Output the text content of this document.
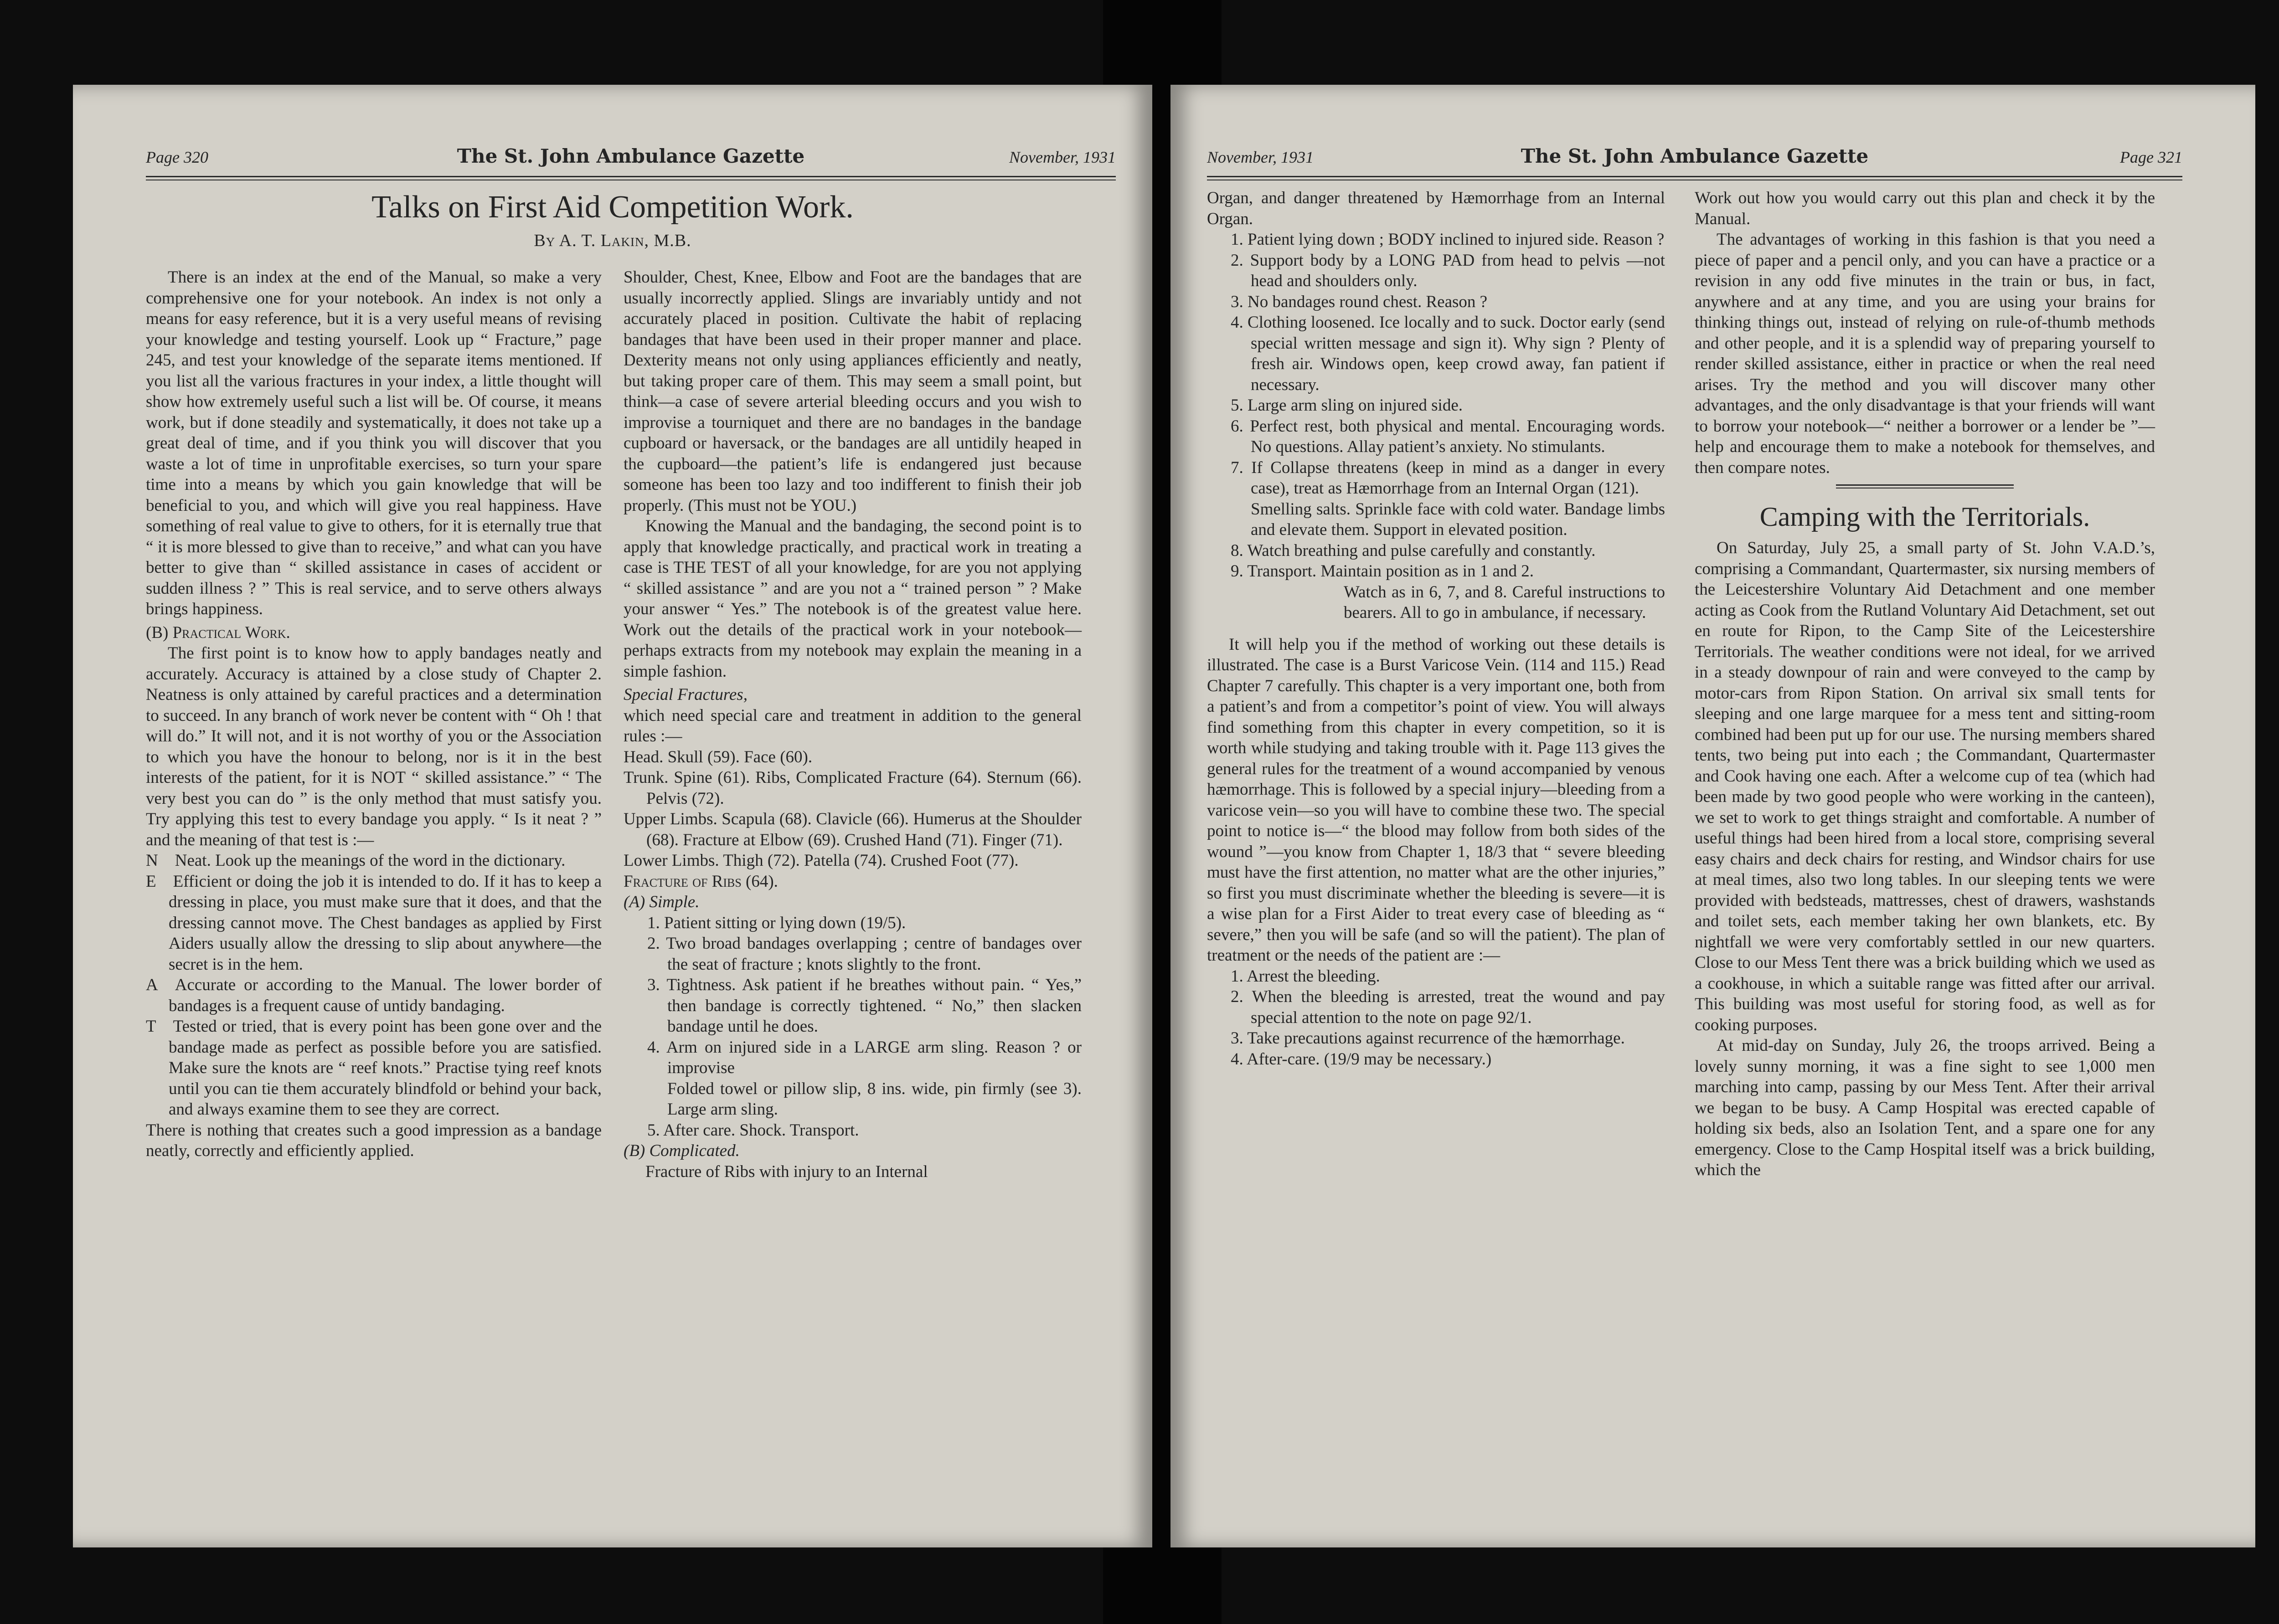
Page 320	The St. John Ambulance Gazette	November, 1931
Talks on First Aid Competition Work.
By A. T. Lakin, M.B.

There is an index at the end of the Manual, so make a very comprehensive one for your notebook. An index is not only a means for easy reference, but it is a very useful means of revising your knowledge and testing yourself. Look up “ Fracture,” page 245, and test your knowledge of the separate items mentioned. If you list all the various fractures in your index, a little thought will show how extremely useful such a list will be. Of course, it means work, but if done steadily and systematically, it does not take up a great deal of time, and if you think you will discover that you waste a lot of time in unprofitable exercises, so turn your spare time into a means by which you gain knowledge that will be beneficial to you, and which will give you real happiness. Have something of real value to give to others, for it is eternally true that “ it is more blessed to give than to receive,” and what can you have better to give than “ skilled assistance in cases of accident or sudden illness ? ” This is real service, and to serve others always brings happiness.

(B) Practical Work.

The first point is to know how to apply bandages neatly and accurately. Accuracy is attained by a close study of Chapter 2. Neatness is only attained by careful practices and a determination to succeed. In any branch of work never be content with “ Oh ! that will do.” It will not, and it is not worthy of you or the Association to which you have the honour to belong, nor is it in the best interests of the patient, for it is NOT “ skilled assistance.” “ The very best you can do ” is the only method that must satisfy you. Try applying this test to every bandage you apply. “ Is it neat ? ” and the meaning of that test is :—

N Neat. Look up the meanings of the word in the dictionary.

E Efficient or doing the job it is intended to do. If it has to keep a dressing in place, you must make sure that it does, and that the dressing cannot move. The Chest bandages as applied by First Aiders usually allow the dressing to slip about anywhere—the secret is in the hem.

A Accurate or according to the Manual. The lower border of bandages is a frequent cause of untidy bandaging.

T Tested or tried, that is every point has been gone over and the bandage made as perfect as possible before you are satisfied. Make sure the knots are “ reef knots.” Practise tying reef knots until you can tie them accurately blindfold or behind your back, and always examine them to see they are correct.

There is nothing that creates such a good impression as a bandage neatly, correctly and efficiently applied.

Shoulder, Chest, Knee, Elbow and Foot are the bandages that are usually incorrectly applied. Slings are invariably untidy and not accurately placed in position. Cultivate the habit of replacing bandages that have been used in their proper manner and place. Dexterity means not only using appliances efficiently and neatly, but taking proper care of them. This may seem a small point, but think—a case of severe arterial bleeding occurs and you wish to improvise a tourniquet and there are no bandages in the bandage cupboard or haversack, or the bandages are all untidily heaped in the cupboard—the patient’s life is endangered just because someone has been too lazy and too indifferent to finish their job properly. (This must not be YOU.)

Knowing the Manual and the bandaging, the second point is to apply that knowledge practically, and practical work in treating a case is THE TEST of all your knowledge, for are you not applying “ skilled assistance ” and are you not a “ trained person ” ? Make your answer “ Yes.” The notebook is of the greatest value here. Work out the details of the practical work in your notebook—perhaps extracts from my notebook may explain the meaning in a simple fashion.

Special Fractures,

which need special care and treatment in addition to the general rules :—

Head. Skull (59). Face (60).

Trunk. Spine (61). Ribs, Complicated Fracture (64). Sternum (66). Pelvis (72).

Upper Limbs. Scapula (68). Clavicle (66). Humerus at the Shoulder (68). Fracture at Elbow (69). Crushed Hand (71). Finger (71).

Lower Limbs. Thigh (72). Patella (74). Crushed Foot (77).

Fracture of Ribs (64).

(A) Simple.

1. Patient sitting or lying down (19/5).

2. Two broad bandages overlapping ; centre of bandages over the seat of fracture ; knots slightly to the front.

3. Tightness. Ask patient if he breathes without pain. “ Yes,” then bandage is correctly tightened. “ No,” then slacken bandage until he does.

4. Arm on injured side in a LARGE arm sling. Reason ? or improvise

Folded towel or pillow slip, 8 ins. wide, pin firmly (see 3). Large arm sling.

5. After care. Shock. Transport.

(B) Complicated.

Fracture of Ribs with injury to an Internal

November, 1931	The St. John Ambulance Gazette	Page 321

Organ, and danger threatened by Hæmorrhage from an Internal Organ.

1. Patient lying down ; BODY inclined to injured side. Reason ?

2. Support body by a LONG PAD from head to pelvis —not head and shoulders only.

3. No bandages round chest. Reason ?

4. Clothing loosened. Ice locally and to suck. Doctor early (send special written message and sign it). Why sign ? Plenty of fresh air. Windows open, keep crowd away, fan patient if necessary.

5. Large arm sling on injured side.

6. Perfect rest, both physical and mental. Encouraging words. No questions. Allay patient’s anxiety. No stimulants.

7. If Collapse threatens (keep in mind as a danger in every case), treat as Hæmorrhage from an Internal Organ (121).

Smelling salts. Sprinkle face with cold water. Bandage limbs and elevate them. Support in elevated position.

8. Watch breathing and pulse carefully and constantly.

9. Transport. Maintain position as in 1 and 2.

Watch as in 6, 7, and 8. Careful instructions to bearers. All to go in ambulance, if necessary.

It will help you if the method of working out these details is illustrated. The case is a Burst Varicose Vein. (114 and 115.) Read Chapter 7 carefully. This chapter is a very important one, both from a patient’s and from a competitor’s point of view. You will always find something from this chapter in every competition, so it is worth while studying and taking trouble with it. Page 113 gives the general rules for the treatment of a wound accompanied by venous hæmorrhage. This is followed by a special injury—bleeding from a varicose vein—so you will have to combine these two. The special point to notice is—“ the blood may follow from both sides of the wound ”—you know from Chapter 1, 18/3 that “ severe bleeding must have the first attention, no matter what are the other injuries,” so first you must discriminate whether the bleeding is severe—it is a wise plan for a First Aider to treat every case of bleeding as “ severe,” then you will be safe (and so will the patient). The plan of treatment or the needs of the patient are :—

1. Arrest the bleeding.

2. When the bleeding is arrested, treat the wound and pay special attention to the note on page 92/1.

3. Take precautions against recurrence of the hæmorrhage.

4. After-care. (19/9 may be necessary.)

Work out how you would carry out this plan and check it by the Manual.

The advantages of working in this fashion is that you need a piece of paper and a pencil only, and you can have a practice or a revision in any odd five minutes in the train or bus, in fact, anywhere and at any time, and you are using your brains for thinking things out, instead of relying on rule-of-thumb methods and other people, and it is a splendid way of preparing yourself to render skilled assistance, either in practice or when the real need arises. Try the method and you will discover many other advantages, and the only disadvantage is that your friends will want to borrow your notebook—“ neither a borrower or a lender be ”—help and encourage them to make a notebook for themselves, and then compare notes.

Camping with the Territorials.

On Saturday, July 25, a small party of St. John V.A.D.’s, comprising a Commandant, Quartermaster, six nursing members of the Leicestershire Voluntary Aid Detachment and one member acting as Cook from the Rutland Voluntary Aid Detachment, set out en route for Ripon, to the Camp Site of the Leicestershire Territorials. The weather conditions were not ideal, for we arrived in a steady downpour of rain and were conveyed to the camp by motor-cars from Ripon Station. On arrival six small tents for sleeping and one large marquee for a mess tent and sitting-room combined had been put up for our use. The nursing members shared tents, two being put into each ; the Commandant, Quartermaster and Cook having one each. After a welcome cup of tea (which had been made by two good people who were working in the canteen), we set to work to get things straight and comfortable. A number of useful things had been hired from a local store, comprising several easy chairs and deck chairs for resting, and Windsor chairs for use at meal times, also two long tables. In our sleeping tents we were provided with bedsteads, mattresses, chest of drawers, washstands and toilet sets, each member taking her own blankets, etc. By nightfall we were very comfortably settled in our new quarters. Close to our Mess Tent there was a brick building which we used as a cookhouse, in which a suitable range was fitted after our arrival. This building was most useful for storing food, as well as for cooking purposes.

At mid-day on Sunday, July 26, the troops arrived. Being a lovely sunny morning, it was a fine sight to see 1,000 men marching into camp, passing by our Mess Tent. After their arrival we began to be busy. A Camp Hospital was erected capable of holding six beds, also an Isolation Tent, and a spare one for any emergency. Close to the Camp Hospital itself was a brick building, which the
